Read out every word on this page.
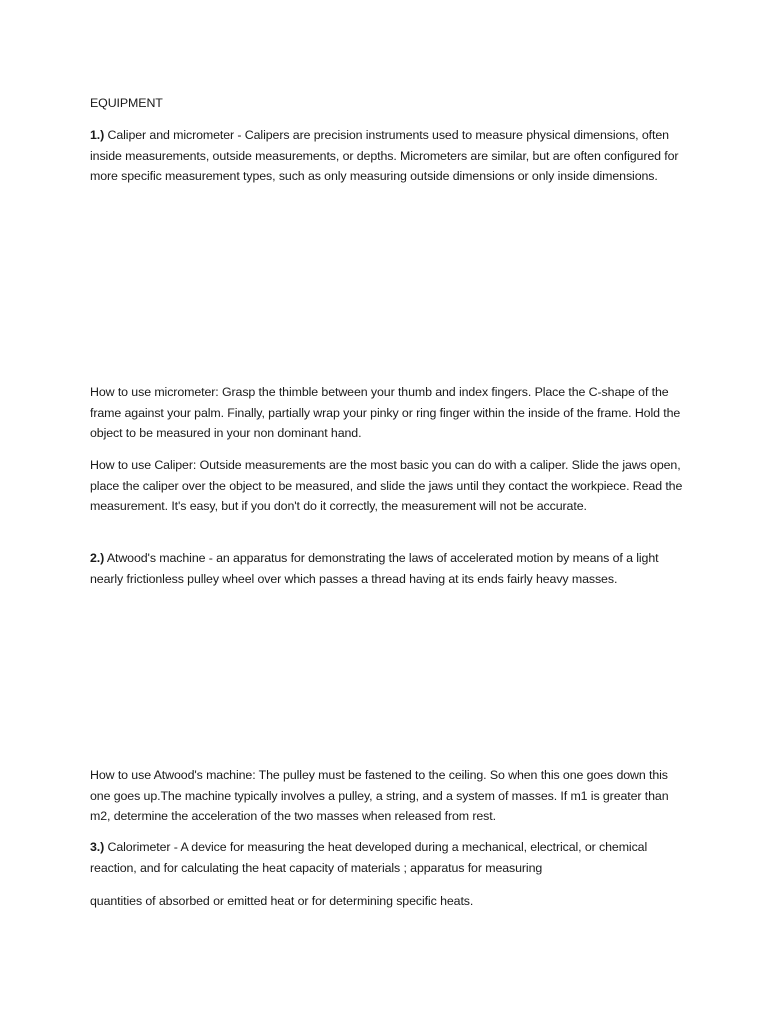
EQUIPMENT

1.) Caliper and micrometer - Calipers are precision instruments used to measure physical dimensions, often inside measurements, outside measurements, or depths. Micrometers are similar, but are often configured for more specific measurement types, such as only measuring outside dimensions or only inside dimensions.

How to use micrometer: Grasp the thimble between your thumb and index fingers. Place the C-shape of the frame against your palm. Finally, partially wrap your pinky or ring finger within the inside of the frame. Hold the object to be measured in your non dominant hand.

How to use Caliper: Outside measurements are the most basic you can do with a caliper. Slide the jaws open, place the caliper over the object to be measured, and slide the jaws until they contact the workpiece. Read the measurement. It's easy, but if you don't do it correctly, the measurement will not be accurate.

2.) Atwood's machine - an apparatus for demonstrating the laws of accelerated motion by means of a light nearly frictionless pulley wheel over which passes a thread having at its ends fairly heavy masses.

How to use Atwood's machine: The pulley must be fastened to the ceiling. So when this one goes down this one goes up.The machine typically involves a pulley, a string, and a system of masses. If m1 is greater than m2, determine the acceleration of the two masses when released from rest.

3.) Calorimeter - A device for measuring the heat developed during a mechanical, electrical, or chemical reaction, and for calculating the heat capacity of materials ; apparatus for measuring

quantities of absorbed or emitted heat or for determining specific heats.
